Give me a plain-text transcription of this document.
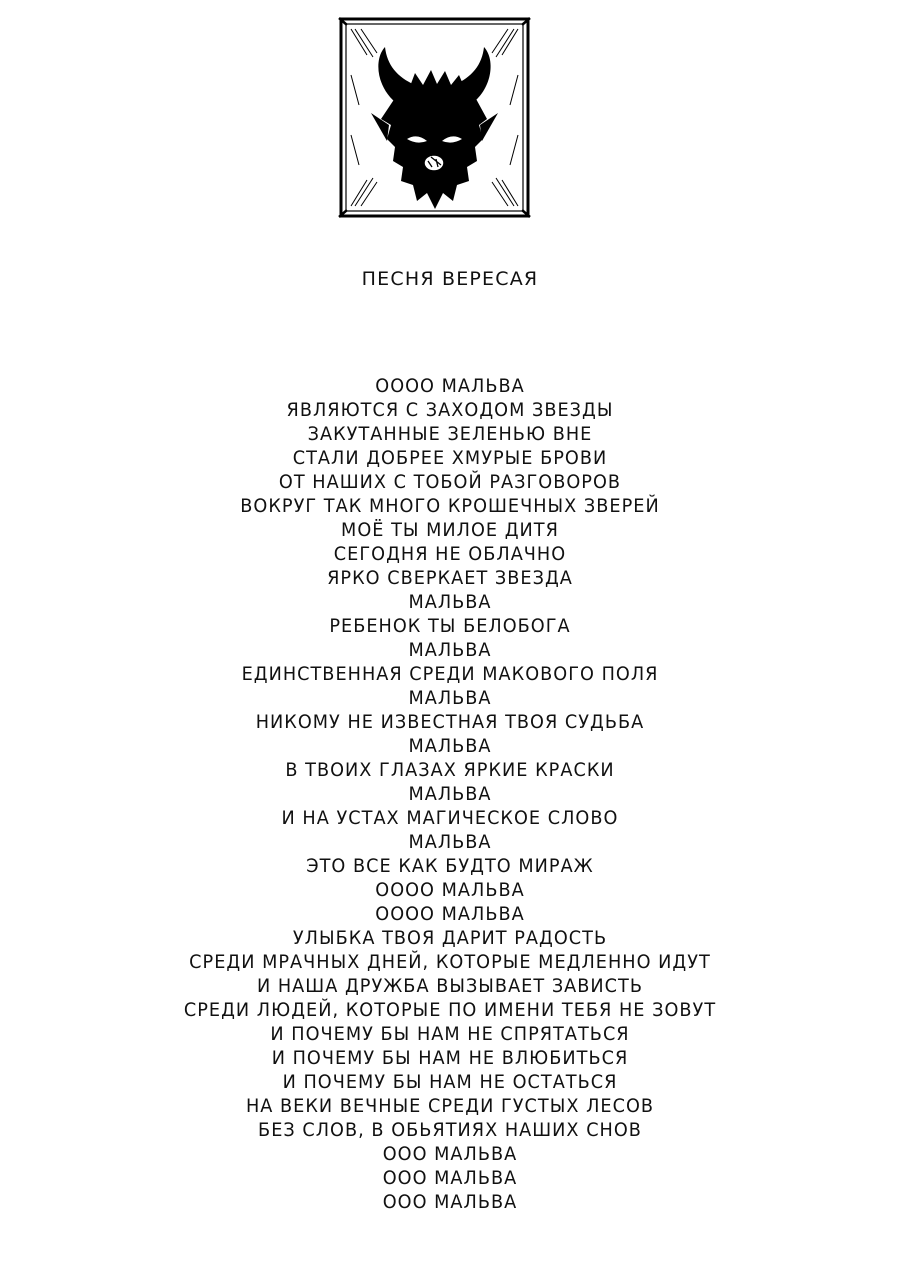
ПЕСНЯ ВЕРЕСАЯ
ОООО МАЛЬВА
ЯВЛЯЮТСЯ С ЗАХОДОМ ЗВЕЗДЫ
ЗАКУТАННЫЕ ЗЕЛЕНЬЮ ВНЕ
СТАЛИ ДОБРЕЕ ХМУРЫЕ БРОВИ
ОТ НАШИХ С ТОБОЙ РАЗГОВОРОВ
ВОКРУГ ТАК МНОГО КРОШЕЧНЫХ ЗВЕРЕЙ
МОЁ ТЫ МИЛОЕ ДИТЯ
СЕГОДНЯ НЕ ОБЛАЧНО
ЯРКО СВЕРКАЕТ ЗВЕЗДА
МАЛЬВА
РЕБЕНОК ТЫ БЕЛОБОГА
МАЛЬВА
ЕДИНСТВЕННАЯ СРЕДИ МАКОВОГО ПОЛЯ
МАЛЬВА
НИКОМУ НЕ ИЗВЕСТНАЯ ТВОЯ СУДЬБА
МАЛЬВА
В ТВОИХ ГЛАЗАХ ЯРКИЕ КРАСКИ
МАЛЬВА
И НА УСТАХ МАГИЧЕСКОЕ СЛОВО
МАЛЬВА
ЭТО ВСЕ КАК БУДТО МИРАЖ
ОООО МАЛЬВА
ОООО МАЛЬВА
УЛЫБКА ТВОЯ ДАРИТ РАДОСТЬ
СРЕДИ МРАЧНЫХ ДНЕЙ, КОТОРЫЕ МЕДЛЕННО ИДУТ
И НАША ДРУЖБА ВЫЗЫВАЕТ ЗАВИСТЬ
СРЕДИ ЛЮДЕЙ, КОТОРЫЕ ПО ИМЕНИ ТЕБЯ НЕ ЗОВУТ
И ПОЧЕМУ БЫ НАМ НЕ СПРЯТАТЬСЯ
И ПОЧЕМУ БЫ НАМ НЕ ВЛЮБИТЬСЯ
И ПОЧЕМУ БЫ НАМ НЕ ОСТАТЬСЯ
НА ВЕКИ ВЕЧНЫЕ СРЕДИ ГУСТЫХ ЛЕСОВ
БЕЗ СЛОВ, В ОБЬЯТИЯХ НАШИХ СНОВ
ООО МАЛЬВА
ООО МАЛЬВА
ООО МАЛЬВА
